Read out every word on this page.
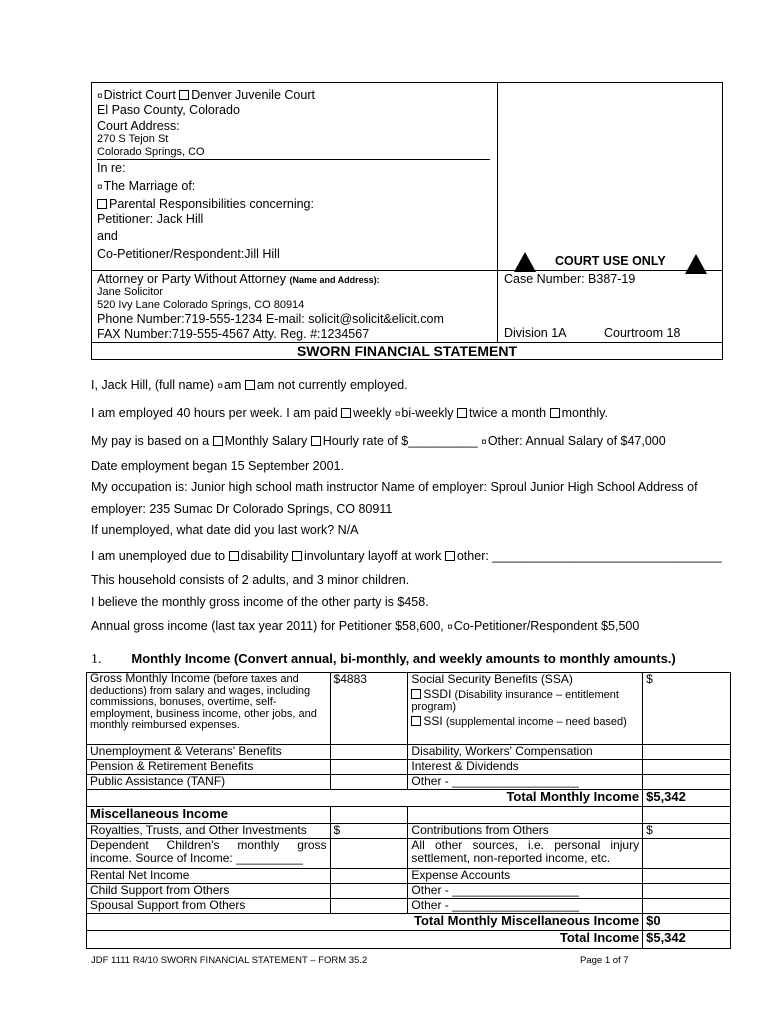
¤District Court Denver Juvenile Court
El Paso County, Colorado
Court Address:
270 S Tejon St
Colorado Springs, CO
In re:
¤The Marriage of:
Parental Responsibilities concerning:
Petitioner: Jack Hill
and
Co-Petitioner/Respondent:Jill Hill	COURT USE ONLY
Attorney or Party Without Attorney (Name and Address):
Jane Solicitor
520 Ivy Lane Colorado Springs, CO 80914
Phone Number:719-555-1234 E-mail: solicit@solicit&elicit.com
FAX Number:719-555-4567 Atty. Reg. #:1234567
Case Number: B387-19
Division 1A	Courtroom 18
SWORN FINANCIAL STATEMENT
I, Jack Hill, (full name) ¤am am not currently employed.
I am employed 40 hours per week. I am paid weekly ¤bi-weekly twice a month monthly.
My pay is based on a Monthly Salary Hourly rate of $__________ ¤Other: Annual Salary of $47,000
Date employment began 15 September 2001.
My occupation is: Junior high school math instructor Name of employer: Sproul Junior High School Address of
employer: 235 Sumac Dr Colorado Springs, CO 80911
If unemployed, what date did you last work? N/A
I am unemployed due to disability involuntary layoff at work other: _________________________________
This household consists of 2 adults, and 3 minor children.
I believe the monthly gross income of the other party is $458.
Annual gross income (last tax year 2011) for Petitioner $58,600, ¤Co-Petitioner/Respondent $5,500
1. Monthly Income (Convert annual, bi-monthly, and weekly amounts to monthly amounts.)
Gross Monthly Income (before taxes and deductions) from salary and wages, including commissions, bonuses, overtime, self-employment, business income, other jobs, and monthly reimbursed expenses.	$4883	Social Security Benefits (SSA)
SSDI (Disability insurance – entitlement program)
SSI (supplemental income – need based)	$
Unemployment & Veterans' Benefits		Disability, Workers' Compensation	
Pension & Retirement Benefits		Interest & Dividends	
Public Assistance (TANF)		Other - ___________________	
Total Monthly Income			$5,342
Miscellaneous Income			
Royalties, Trusts, and Other Investments	$	Contributions from Others	$
Dependent Children's monthly gross income. Source of Income: __________		All other sources, i.e. personal injury settlement, non-reported income, etc.	
Rental Net Income		Expense Accounts	
Child Support from Others		Other - ___________________	
Spousal Support from Others		Other - ___________________	
Total Monthly Miscellaneous Income			$0
Total Income			$5,342
JDF 1111 R4/10 SWORN FINANCIAL STATEMENT – FORM 35.2	Page 1 of 7
